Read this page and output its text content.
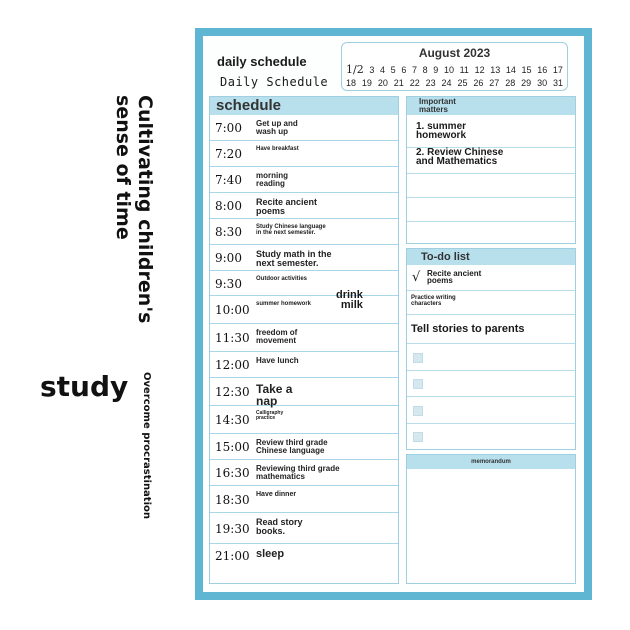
Cultivating children's
sense of time
study Overcome procrastination
daily schedule
Daily Schedule
August 2023
1/2 3 4 5 6 7 8 9 10 11 12 13 14 15 16 17
18 19 20 21 22 23 24 25 26 27 28 29 30 31
schedule
7:00 Get up and
wash up
7:20 Have breakfast
7:40 morning
reading
8:00 Recite ancient
poems
8:30 Study Chinese language
in the next semester.
9:00 Study math in the
next semester.
9:30 Outdoor activities
10:00 summer homework
11:30 freedom of
movement
12:00 Have lunch
12:30 Take a
nap
14:30 Calligraphy
practice
15:00 Review third grade
Chinese language
16:30 Reviewing third grade
mathematics
18:30 Have dinner
19:30 Read story
books.
21:00 sleep
drink
milk
Important
matters
1. summer
homework
2. Review Chinese
and Mathematics
To-do list
√ Recite ancient
poems
Practice writing
characters
Tell stories to parents
memorandum
